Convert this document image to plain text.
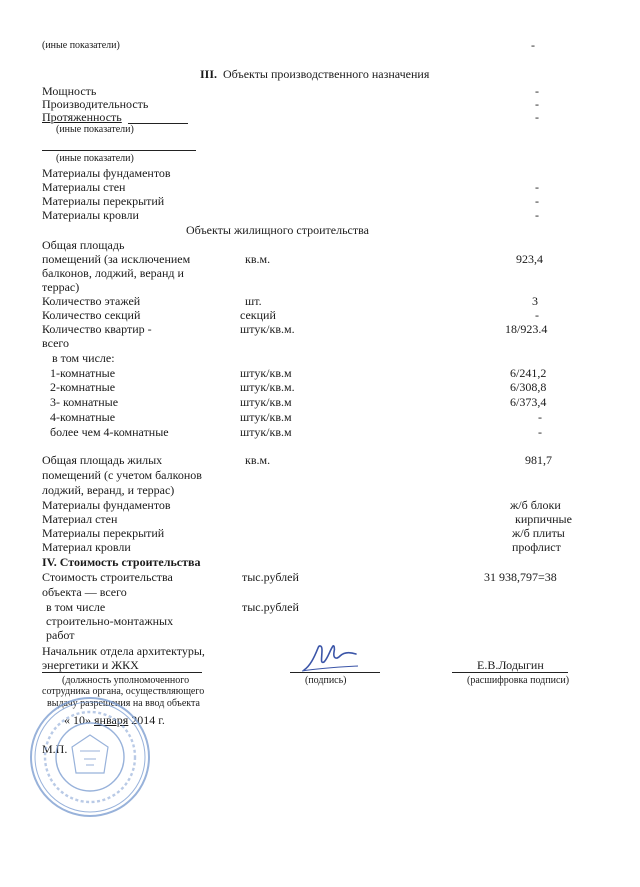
(иные показатели)	-
III. Объекты производственного назначения
Мощность	-
Производительность	-
Протяженность	-
(иные показатели)
(иные показатели)
Материалы фундаментов
Материалы стен	-
Материалы перекрытий	-
Материалы кровли	-
Объекты жилищного строительства
Общая площадь
помещений (за исключением	кв.м.	923,4
балконов, лоджий, веранд и
террас)
Количество этажей	шт.	3
Количество секций	секций	-
Количество квартир -	штук/кв.м.	18/923.4
всего
в том числе:
1-комнатные	штук/кв.м	6/241,2
2-комнатные	штук/кв.м.	6/308,8
3- комнатные	штук/кв.м	6/373,4
4-комнатные	штук/кв.м	-
более чем 4-комнатные	штук/кв.м	-
Общая площадь жилых	кв.м.	981,7
помещений (с учетом балконов
лоджий, веранд, и террас)
Материалы фундаментов	ж/б блоки
Материал стен	кирпичные
Материалы перекрытий	ж/б плиты
Материал кровли	профлист
IV. Стоимость строительства
Стоимость строительства	тыс.рублей	31 938,797=38
объекта — всего
в том числе	тыс.рублей
строительно-монтажных
работ
Начальник отдела архитектуры,
энергетики и ЖКХ	Е.В.Лодыгин
(должность уполномоченного
сотрудника органа, осуществляющего
выдачу разрешения на ввод объекта
(подпись)	(расшифровка подписи)
« 10» января 2014 г.
М.П.
